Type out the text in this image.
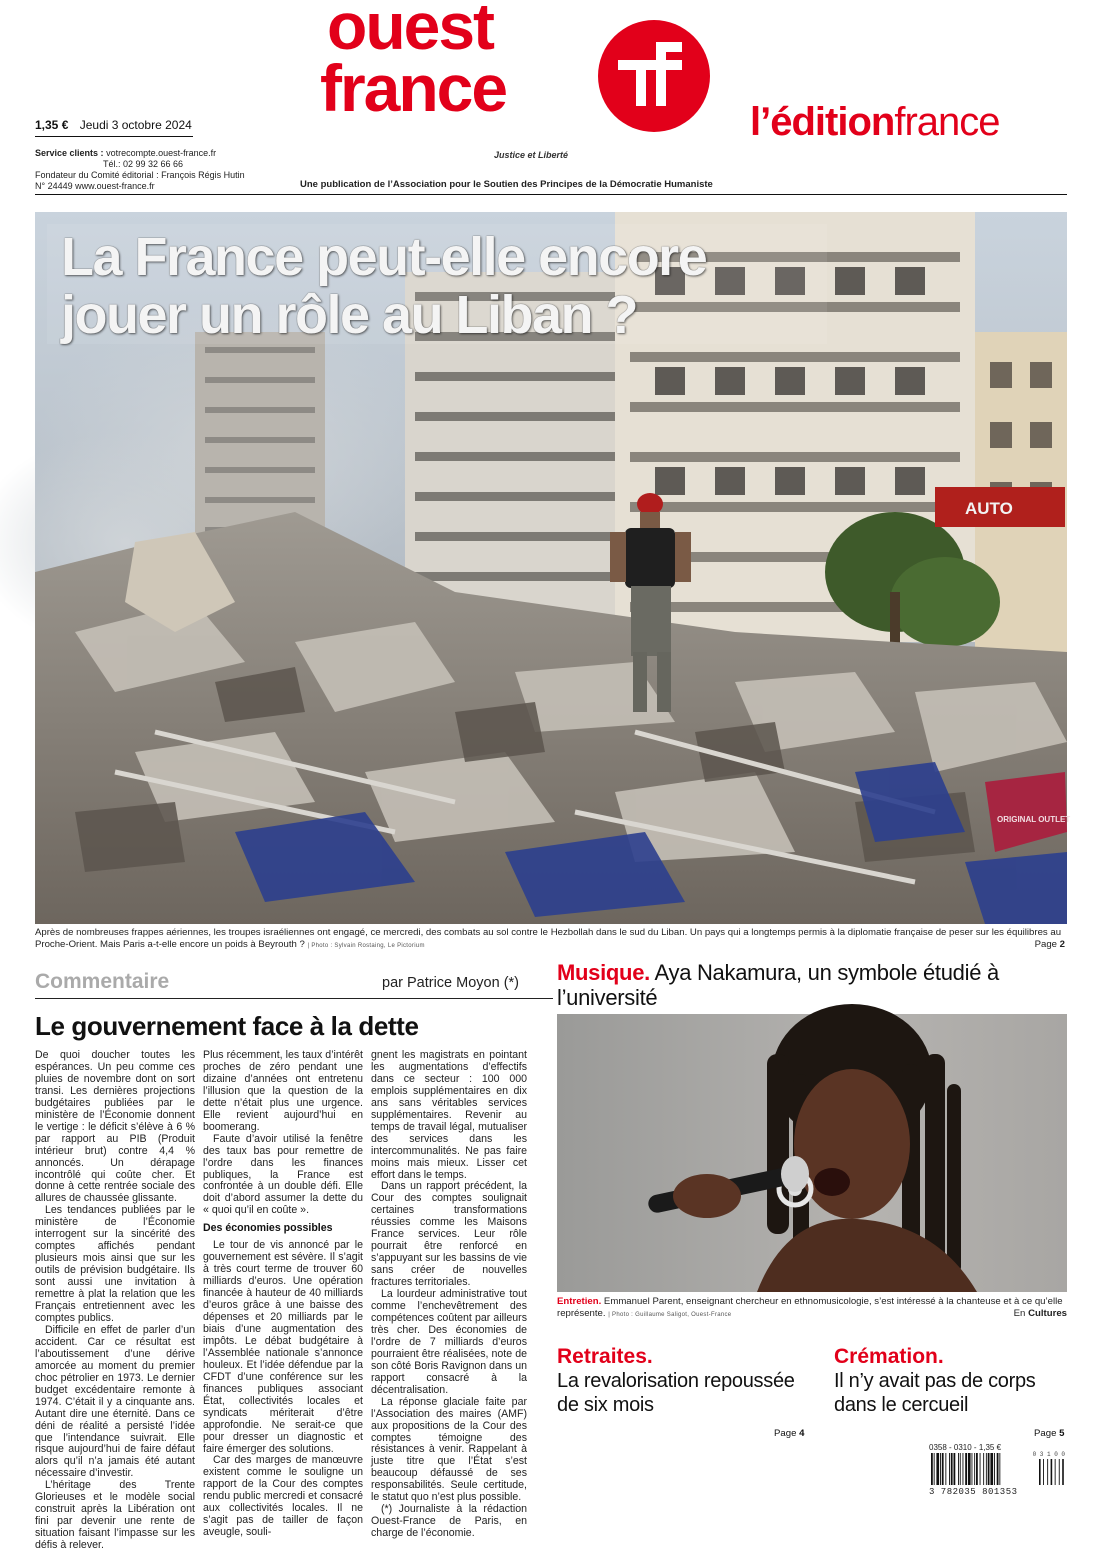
1,35 € Jeudi 3 octobre 2024
Service clients : votrecompte.ouest-france.fr
Tél.: 02 99 32 66 66
Fondateur du Comité éditorial : François Régis Hutin
N° 24449 www.ouest-france.fr
ouest
france
Justice et Liberté
l’éditionfrance
Une publication de l’Association pour le Soutien des Principes de la Démocratie Humaniste
AUTO
ORIGINAL OUTLET
La France peut-elle encore jouer un rôle au Liban ?
Après de nombreuses frappes aériennes, les troupes israéliennes ont engagé, ce mercredi, des combats au sol contre le Hezbollah dans le sud du Liban. Un pays qui a longtemps permis à la diplomatie française de peser sur les équilibres au Proche-Orient. Mais Paris a-t-elle encore un poids à Beyrouth ? | Photo : Sylvain Rostaing, Le Pictorium	Page 2
Commentaire	par Patrice Moyon (*)
Le gouvernement face à la dette

De quoi doucher toutes les espérances. Un peu comme ces pluies de novembre dont on sort transi. Les dernières projections budgétaires publiées par le ministère de l’Économie donnent le vertige : le déficit s’élève à 6 % par rapport au PIB (Produit intérieur brut) contre 4,4 % annoncés. Un dérapage incontrôlé qui coûte cher. Et donne à cette rentrée sociale des allures de chaussée glissante.

Les tendances publiées par le ministère de l’Économie interrogent sur la sincérité des comptes affichés pendant plusieurs mois ainsi que sur les outils de prévision budgétaire. Ils sont aussi une invitation à remettre à plat la relation que les Français entretiennent avec les comptes publics.

Difficile en effet de parler d’un accident. Car ce résultat est l’aboutissement d’une dérive amorcée au moment du premier choc pétrolier en 1973. Le dernier budget excédentaire remonte à 1974. C’était il y a cinquante ans. Autant dire une éternité. Dans ce déni de réalité a persisté l’idée que l’intendance suivrait. Elle risque aujourd’hui de faire défaut alors qu’il n’a jamais été autant nécessaire d’investir.

L’héritage des Trente Glorieuses et le modèle social construit après la Libération ont fini par devenir une rente de situation faisant l’impasse sur les défis à relever.

Plus récemment, les taux d’intérêt proches de zéro pendant une dizaine d’années ont entretenu l’illusion que la question de la dette n’était plus une urgence. Elle revient aujourd’hui en boomerang.

Faute d’avoir utilisé la fenêtre des taux bas pour remettre de l’ordre dans les finances publiques, la France est confrontée à un double défi. Elle doit d’abord assumer la dette du « quoi qu’il en coûte ».

Des économies possibles

Le tour de vis annoncé par le gouvernement est sévère. Il s’agit à très court terme de trouver 60 milliards d’euros. Une opération financée à hauteur de 40 milliards d’euros grâce à une baisse des dépenses et 20 milliards par le biais d’une augmentation des impôts. Le débat budgétaire à l’Assemblée nationale s’annonce houleux. Et l’idée défendue par la CFDT d’une conférence sur les finances publiques associant État, collectivités locales et syndicats mériterait d’être approfondie. Ne serait-ce que pour dresser un diagnostic et faire émerger des solutions.

Car des marges de manœuvre existent comme le souligne un rapport de la Cour des comptes rendu public mercredi et consacré aux collectivités locales. Il ne s’agit pas de tailler de façon aveugle, souli-

gnent les magistrats en pointant les augmentations d’effectifs dans ce secteur : 100 000 emplois supplémentaires en dix ans sans véritables services supplémentaires. Revenir au temps de travail légal, mutualiser des services dans les intercommunalités. Ne pas faire moins mais mieux. Lisser cet effort dans le temps.

Dans un rapport précédent, la Cour des comptes soulignait certaines transformations réussies comme les Maisons France services. Leur rôle pourrait être renforcé en s’appuyant sur les bassins de vie sans créer de nouvelles fractures territoriales.

La lourdeur administrative tout comme l’enchevêtrement des compétences coûtent par ailleurs très cher. Des économies de l’ordre de 7 milliards d’euros pourraient être réalisées, note de son côté Boris Ravignon dans un rapport consacré à la décentralisation.

La réponse glaciale faite par l’Association des maires (AMF) aux propositions de la Cour des comptes témoigne des résistances à venir. Rappelant à juste titre que l’État s’est beaucoup défaussé de ses responsabilités. Seule certitude, le statut quo n’est plus possible.

(*) Journaliste à la rédaction Ouest-France de Paris, en charge de l’économie.

Musique. Aya Nakamura, un symbole étudié à l’université
Entretien. Emmanuel Parent, enseignant chercheur en ethnomusicologie, s’est intéressé à la chanteuse et à ce qu’elle représente. | Photo : Guillaume Saligot, Ouest-France	En Cultures
Retraites.
La revalorisation repoussée de six mois
Page 4
Crémation.
Il n’y avait pas de corps dans le cercueil
Page 5
0358 - 0310 - 1,35 €
0 3 1 0 0
3 782035 801353
